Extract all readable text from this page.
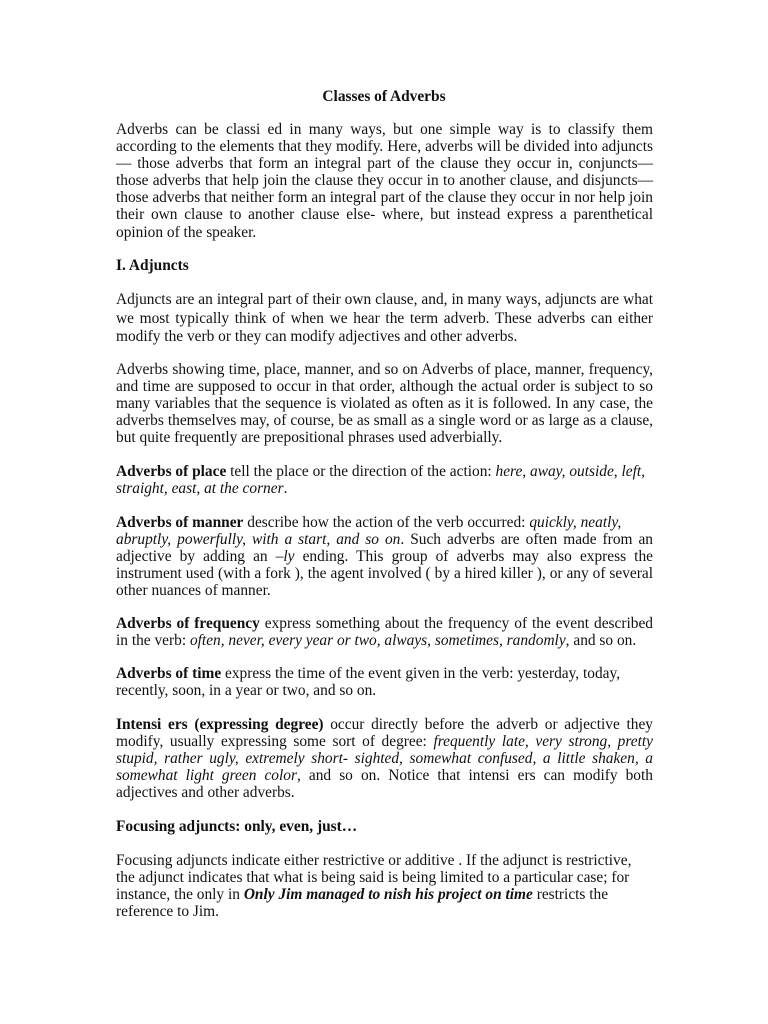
Classes of Adverbs

Adverbs can be classi ed in many ways, but one simple way is to classify them according to the elements that they modify. Here, adverbs will be divided into adjuncts— those adverbs that form an integral part of the clause they occur in, conjuncts— those adverbs that help join the clause they occur in to another clause, and disjuncts—those adverbs that neither form an integral part of the clause they occur in nor help join their own clause to another clause else- where, but instead express a parenthetical opinion of the speaker.

I. Adjuncts

Adjuncts are an integral part of their own clause, and, in many ways, adjuncts are what we most typically think of when we hear the term adverb. These adverbs can either modify the verb or they can modify adjectives and other adverbs.

Adverbs showing time, place, manner, and so on Adverbs of place, manner, frequency, and time are supposed to occur in that order, although the actual order is subject to so many variables that the sequence is violated as often as it is followed. In any case, the adverbs themselves may, of course, be as small as a single word or as large as a clause, but quite frequently are prepositional phrases used adverbially.

Adverbs of place tell the place or the direction of the action: here, away, outside, left,
straight, east, at the corner.
Adverbs of manner describe how the action of the verb occurred: quickly, neatly,

abruptly, powerfully, with a start, and so on. Such adverbs are often made from an adjective by adding an –ly ending. This group of adverbs may also express the instrument used (with a fork ), the agent involved ( by a hired killer ), or any of several other nuances of manner.

Adverbs of frequency express something about the frequency of the event described in the verb: often, never, every year or two, always, sometimes, randomly, and so on.

Adverbs of time express the time of the event given in the verb: yesterday, today,
recently, soon, in a year or two, and so on.

Intensi ers (expressing degree) occur directly before the adverb or adjective they modify, usually expressing some sort of degree: frequently late, very strong, pretty stupid, rather ugly, extremely short- sighted, somewhat confused, a little shaken, a somewhat light green color, and so on. Notice that intensi ers can modify both adjectives and other adverbs.

Focusing adjuncts: only, even, just…
Focusing adjuncts indicate either restrictive or additive . If the adjunct is restrictive,
the adjunct indicates that what is being said is being limited to a particular case; for
instance, the only in Only Jim managed to nish his project on time restricts the
reference to Jim.
